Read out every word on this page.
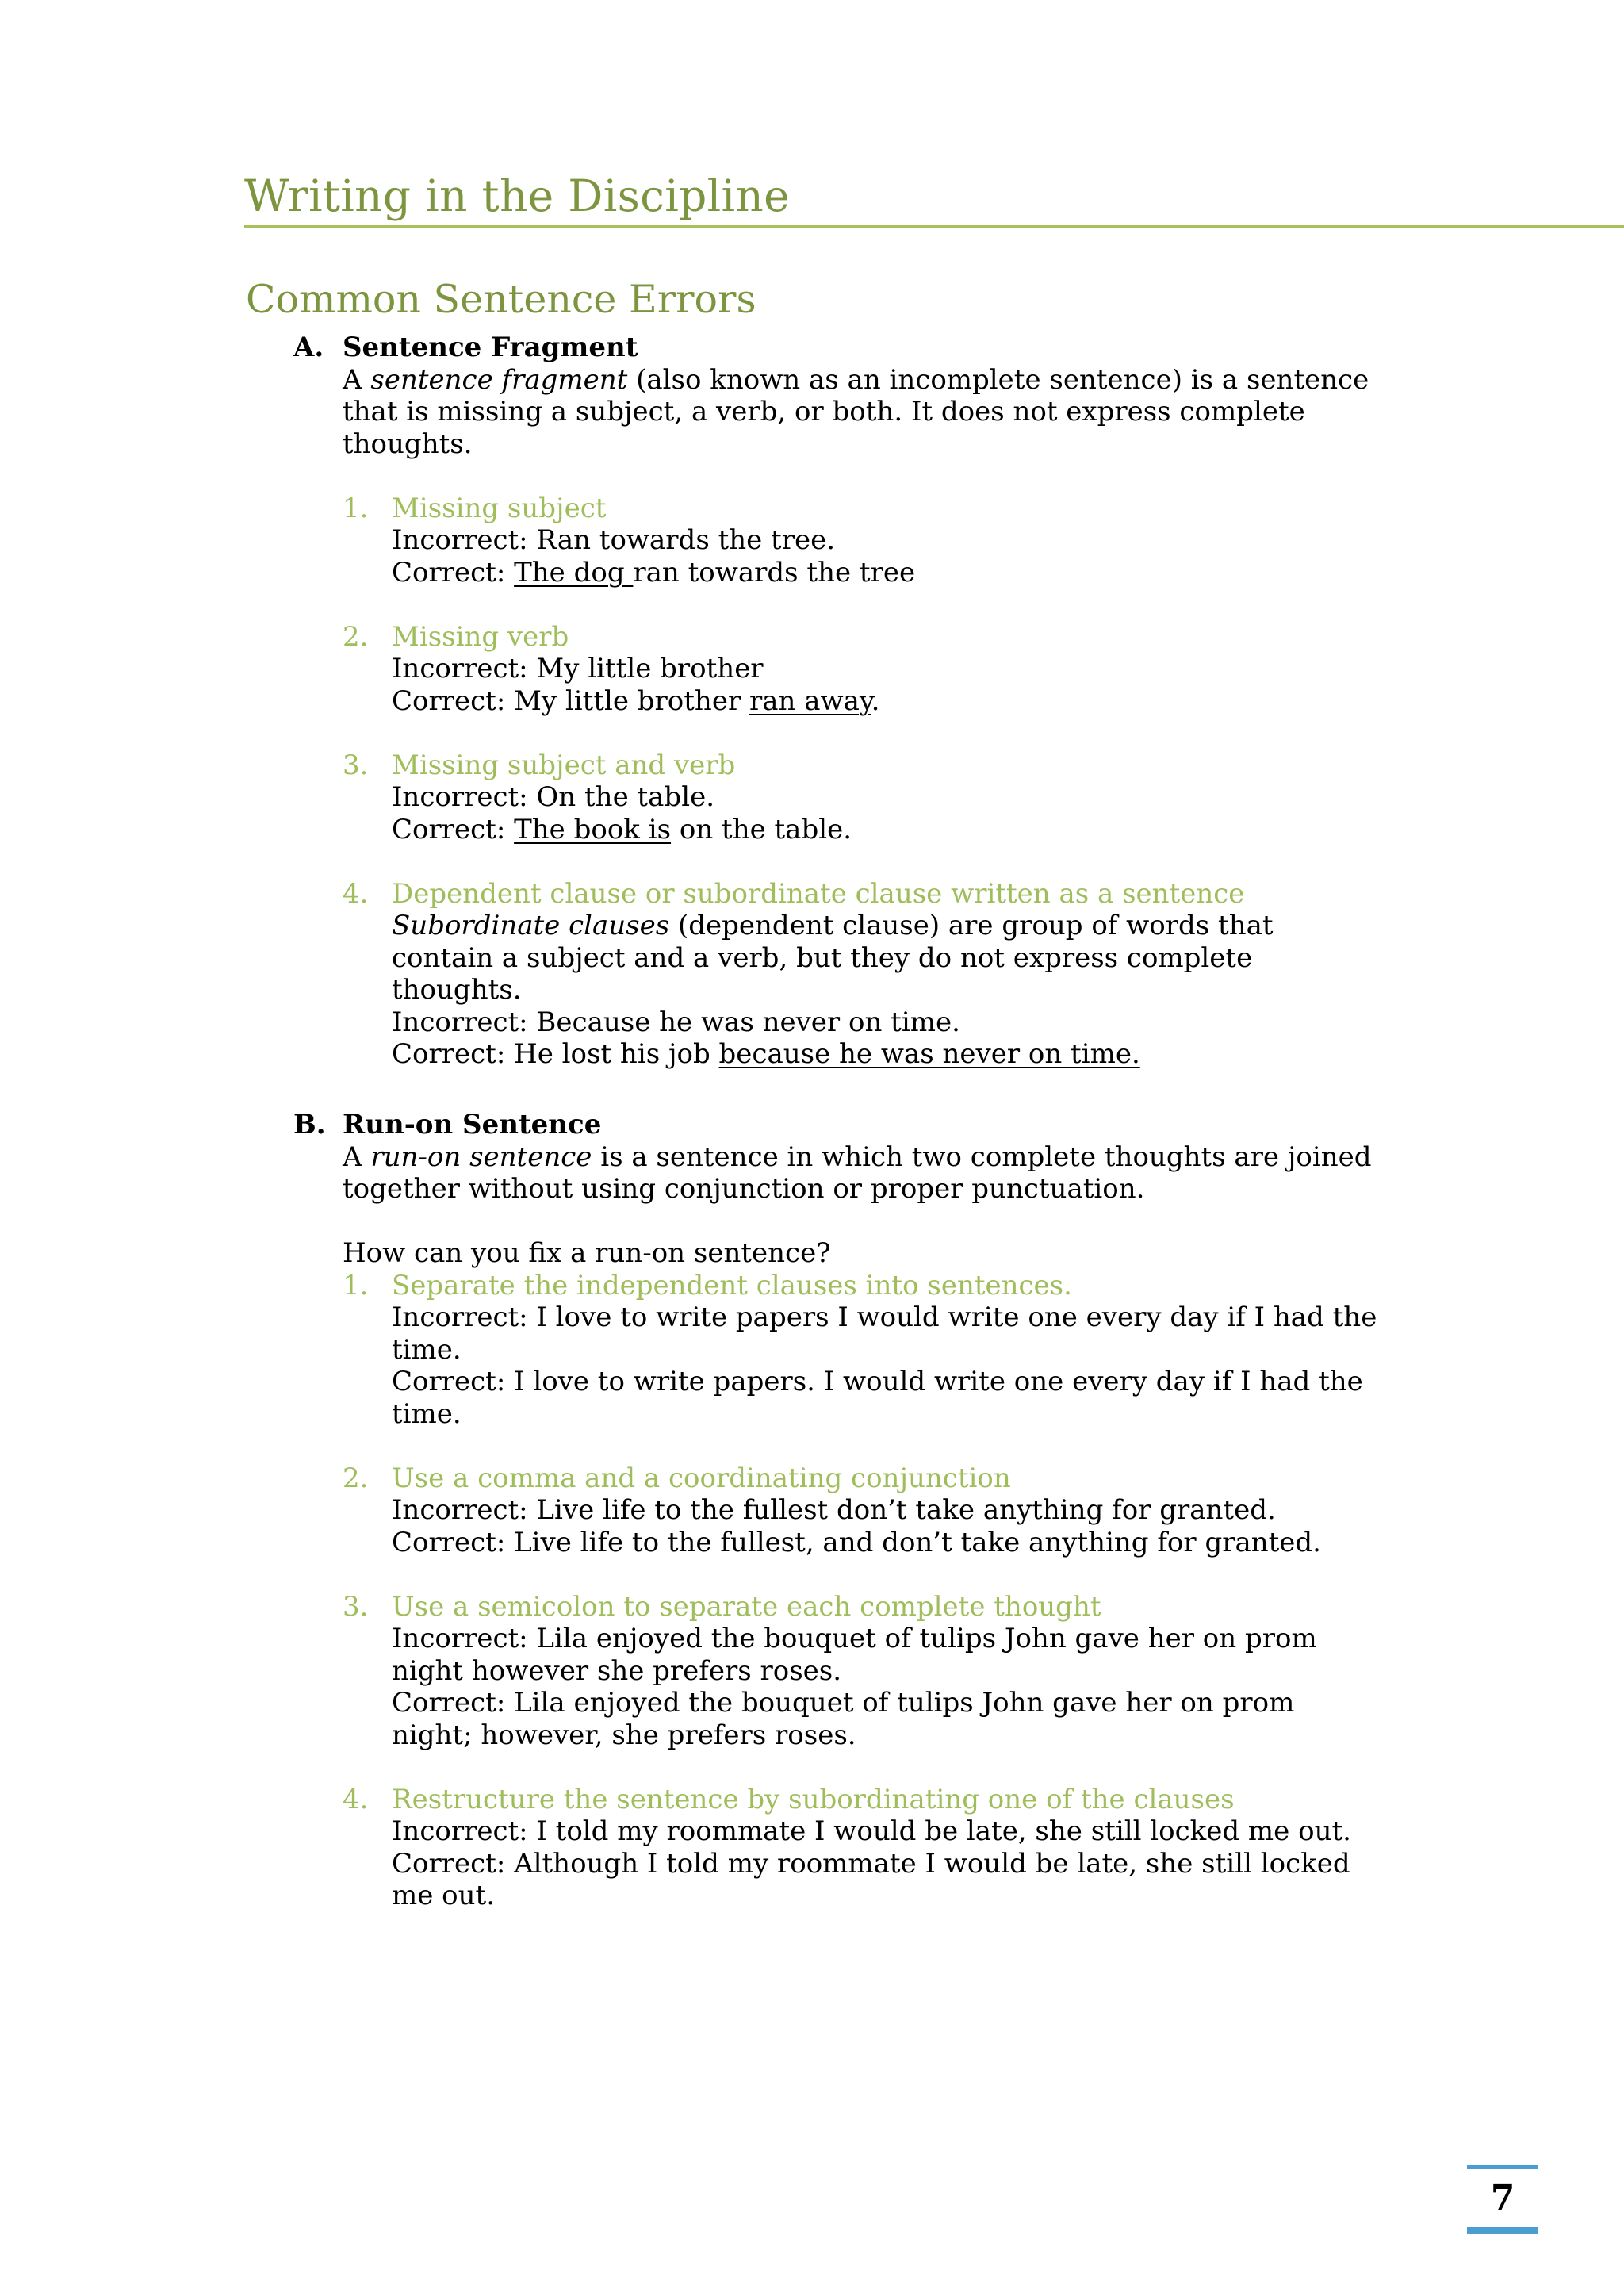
Writing in the Discipline
Common Sentence Errors
A. Sentence Fragment

A sentence fragment (also known as an incomplete sentence) is a sentence that is missing a subject, a verb, or both. It does not express complete thoughts.

1. Missing subject
Incorrect: Ran towards the tree.
Correct: The dog ran towards the tree
2. Missing verb
Incorrect: My little brother
Correct: My little brother ran away.
3. Missing subject and verb
Incorrect: On the table.
Correct: The book is on the table.
4. Dependent clause or subordinate clause written as a sentence

Subordinate clauses (dependent clause) are group of words that contain a subject and a verb, but they do not express complete thoughts.

Incorrect: Because he was never on time.
Correct: He lost his job because he was never on time.
B. Run-on Sentence

A run-on sentence is a sentence in which two complete thoughts are joined together without using conjunction or proper punctuation.

How can you fix a run-on sentence?
1. Separate the independent clauses into sentences.

Incorrect: I love to write papers I would write one every day if I had the time.

Correct: I love to write papers. I would write one every day if I had the time.

2. Use a comma and a coordinating conjunction

Incorrect: Live life to the fullest don’t take anything for granted.

Correct: Live life to the fullest, and don’t take anything for granted.

3. Use a semicolon to separate each complete thought

Incorrect: Lila enjoyed the bouquet of tulips John gave her on prom night however she prefers roses.

Correct: Lila enjoyed the bouquet of tulips John gave her on prom night; however, she prefers roses.

4. Restructure the sentence by subordinating one of the clauses

Incorrect: I told my roommate I would be late, she still locked me out.

Correct: Although I told my roommate I would be late, she still locked me out.

7
